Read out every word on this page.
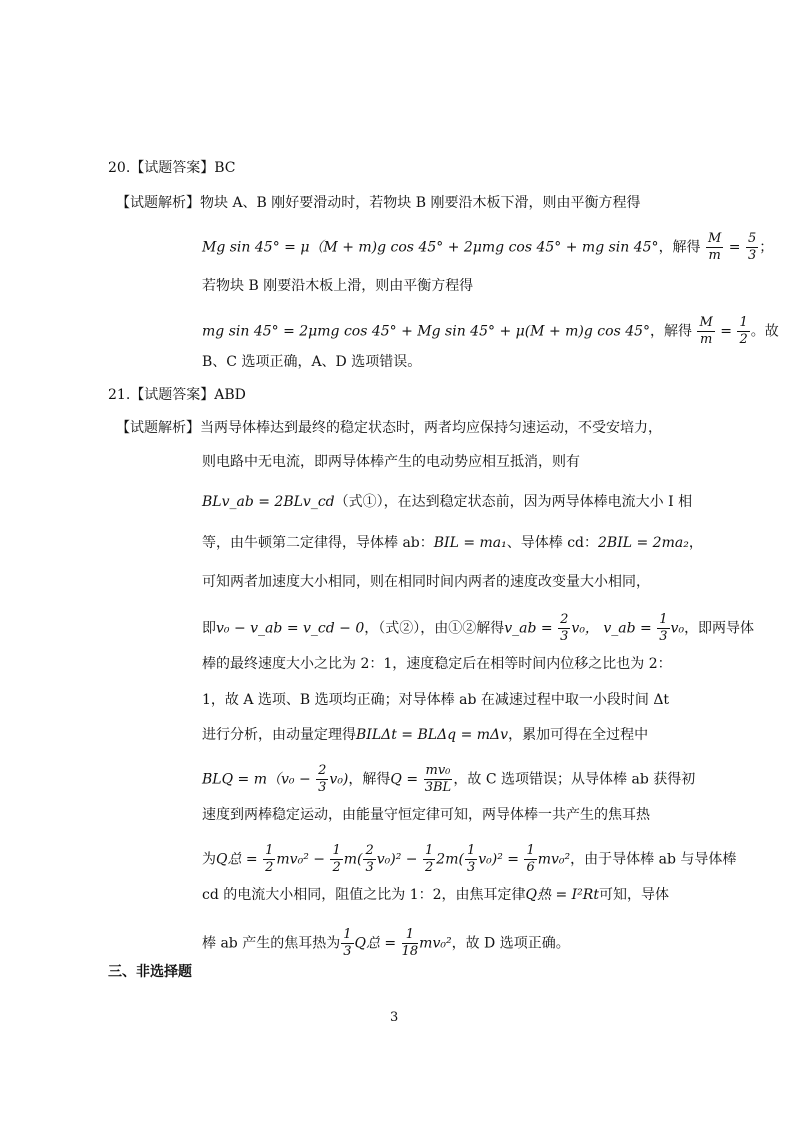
20.【试题答案】BC
【试题解析】物块 A、B 刚好要滑动时，若物块 B 刚要沿木板下滑，则由平衡方程得
Mg sin 45° = μ（M + m)g cos 45° + 2μmg cos 45° + mg sin 45°，解得 $\frac{M}{m} = \frac{5}{3}$ ；
若物块 B 刚要沿木板上滑，则由平衡方程得
mg sin 45° = 2μmg cos 45° + Mg sin 45° + μ(M + m)g cos 45°，解得 $\frac{M}{m} = \frac{1}{2}$ 。故
B、C 选项正确，A、D 选项错误。
21.【试题答案】ABD
【试题解析】当两导体棒达到最终的稳定状态时，两者均应保持匀速运动，不受安培力，
则电路中无电流，即两导体棒产生的电动势应相互抵消，则有
BLv_ab = 2BLv_cd（式①），在达到稳定状态前，因为两导体棒电流大小 I 相
等，由牛顿第二定律得，导体棒 ab：BIL = ma₁、导体棒 cd：2BIL = 2ma₂，
可知两者加速度大小相同，则在相同时间内两者的速度改变量大小相同，
即v₀ − v_ab = v_cd − 0，（式②），由①②解得v_ab = $\frac{2}{3} v_0$， v_ab = $\frac{1}{3} v_0$，即两导体
棒的最终速度大小之比为 2：1，速度稳定后在相等时间内位移之比也为 2：
1，故 A 选项、B 选项均正确；对导体棒 ab 在减速过程中取一小段时间 Δt
进行分析，由动量定理得BILΔt = BLΔq = mΔv，累加可得在全过程中
BLQ = $m(v_0 - \frac{2}{3} v_0)$，解得$Q = \frac{\text{mv₀}}{3BL}$ ，故 C 选项错误；从导体棒 ab 获得初
速度到两棒稳定运动，由能量守恒定律可知，两导体棒一共产生的焦耳热
为Q总 = $\frac{1}{2} mv_0^2 - \frac{1}{2} m( \frac{2}{3} v_0)^2 - \frac{1}{2} 2m( \frac{1}{3} v_0)^2 = \frac{1}{6} mv_0^2$，由于导体棒 ab 与导体棒
cd 的电流大小相同，阻值之比为 1：2，由焦耳定律Q热 = I²Rt可知，导体
棒 ab 产生的焦耳热为 $\frac{1}{3}$ Q总 = $\frac{1}{18} mv_0^2$，故 D 选项正确。
三、非选择题
3
